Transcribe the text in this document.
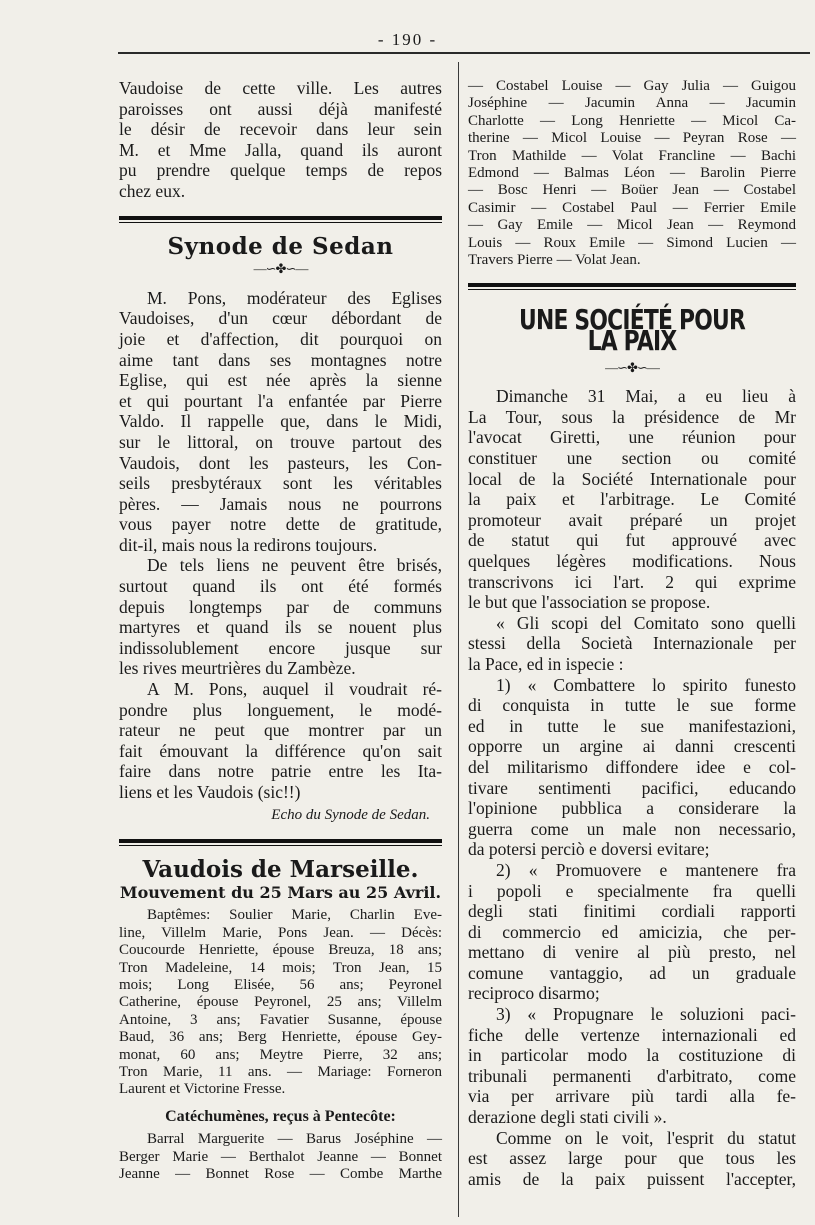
- 190 -
Vaudoise de cette ville. Les autres
paroisses ont aussi déjà manifesté
le désir de recevoir dans leur sein
M. et Mme Jalla, quand ils auront
pu prendre quelque temps de repos
chez eux.
Synode de Sedan
—∽✤∽—
M. Pons, modérateur des Eglises
Vaudoises, d'un cœur débordant de
joie et d'affection, dit pourquoi on
aime tant dans ses montagnes notre
Eglise, qui est née après la sienne
et qui pourtant l'a enfantée par Pierre
Valdo. Il rappelle que, dans le Midi,
sur le littoral, on trouve partout des
Vaudois, dont les pasteurs, les Con-
seils presbytéraux sont les véritables
pères. — Jamais nous ne pourrons
vous payer notre dette de gratitude,
dit-il, mais nous la redirons toujours.
De tels liens ne peuvent être brisés,
surtout quand ils ont été formés
depuis longtemps par de communs
martyres et quand ils se nouent plus
indissolublement encore jusque sur
les rives meurtrières du Zambèze.
A M. Pons, auquel il voudrait ré-
pondre plus longuement, le modé-
rateur ne peut que montrer par un
fait émouvant la différence qu'on sait
faire dans notre patrie entre les Ita-
liens et les Vaudois (sic!!)
Echo du Synode de Sedan.
Vaudois de Marseille.
Mouvement du 25 Mars au 25 Avril.
Baptêmes: Soulier Marie, Charlin Eve-
line, Villelm Marie, Pons Jean. — Décès:
Coucourde Henriette, épouse Breuza, 18 ans;
Tron Madeleine, 14 mois; Tron Jean, 15
mois; Long Elisée, 56 ans; Peyronel
Catherine, épouse Peyronel, 25 ans; Villelm
Antoine, 3 ans; Favatier Susanne, épouse
Baud, 36 ans; Berg Henriette, épouse Gey-
monat, 60 ans; Meytre Pierre, 32 ans;
Tron Marie, 11 ans. — Mariage: Forneron
Laurent et Victorine Fresse.
Catéchumènes, reçus à Pentecôte:
Barral Marguerite — Barus Joséphine —
Berger Marie — Berthalot Jeanne — Bonnet
Jeanne — Bonnet Rose — Combe Marthe
— Costabel Louise — Gay Julia — Guigou
Joséphine — Jacumin Anna — Jacumin
Charlotte — Long Henriette — Micol Ca-
therine — Micol Louise — Peyran Rose —
Tron Mathilde — Volat Francline — Bachi
Edmond — Balmas Léon — Barolin Pierre
— Bosc Henri — Boüer Jean — Costabel
Casimir — Costabel Paul — Ferrier Emile
— Gay Emile — Micol Jean — Reymond
Louis — Roux Emile — Simond Lucien —
Travers Pierre — Volat Jean.
UNE SOCIÉTÉ POUR LA PAIX
—∽✤∽—
Dimanche 31 Mai, a eu lieu à
La Tour, sous la présidence de Mr
l'avocat Giretti, une réunion pour
constituer une section ou comité
local de la Société Internationale pour
la paix et l'arbitrage. Le Comité
promoteur avait préparé un projet
de statut qui fut approuvé avec
quelques légères modifications. Nous
transcrivons ici l'art. 2 qui exprime
le but que l'association se propose.
« Gli scopi del Comitato sono quelli
stessi della Società Internazionale per
la Pace, ed in ispecie :
1) « Combattere lo spirito funesto
di conquista in tutte le sue forme
ed in tutte le sue manifestazioni,
opporre un argine ai danni crescenti
del militarismo diffondere idee e col-
tivare sentimenti pacifici, educando
l'opinione pubblica a considerare la
guerra come un male non necessario,
da potersi perciò e doversi evitare;
2) « Promuovere e mantenere fra
i popoli e specialmente fra quelli
degli stati finitimi cordiali rapporti
di commercio ed amicizia, che per-
mettano di venire al più presto, nel
comune vantaggio, ad un graduale
reciproco disarmo;
3) « Propugnare le soluzioni paci-
fiche delle vertenze internazionali ed
in particolar modo la costituzione di
tribunali permanenti d'arbitrato, come
via per arrivare più tardi alla fe-
derazione degli stati civili ».
Comme on le voit, l'esprit du statut
est assez large pour que tous les
amis de la paix puissent l'accepter,
